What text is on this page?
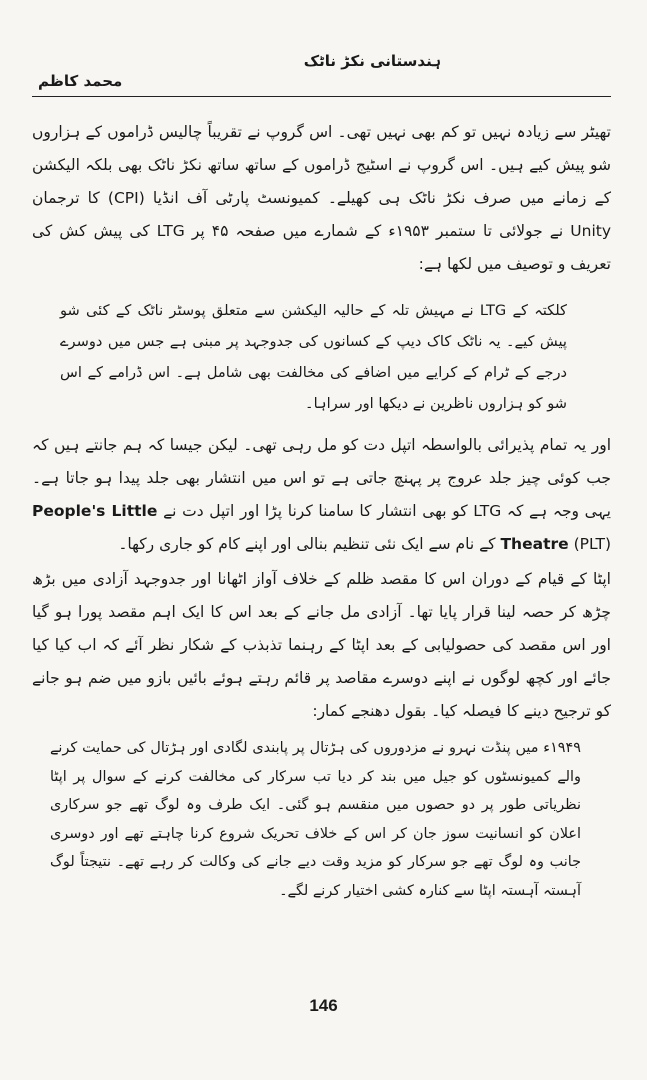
ہندستانی نکڑ ناٹک
محمد کاظم

تھیٹر سے زیادہ نہیں تو کم بھی نہیں تھی۔ اس گروپ نے تقریباً چالیس ڈراموں کے ہزاروں شو پیش کیے ہیں۔ اس گروپ نے اسٹیج ڈراموں کے ساتھ ساتھ نکڑ ناٹک بھی بلکہ الیکشن کے زمانے میں صرف نکڑ ناٹک ہی کھیلے۔ کمیونسٹ پارٹی آف انڈیا (CPI) کا ترجمان Unity نے جولائی تا ستمبر ۱۹۵۳ء کے شمارے میں صفحہ ۴۵ پر LTG کی پیش کش کی تعریف و توصیف میں لکھا ہے:

کلکتہ کے LTG نے مہیش تلہ کے حالیہ الیکشن سے متعلق پوسٹر ناٹک کے کئی شو پیش کیے۔ یہ ناٹک کاک دیپ کے کسانوں کی جدوجہد پر مبنی ہے جس میں دوسرے درجے کے ٹرام کے کرایے میں اضافے کی مخالفت بھی شامل ہے۔ اس ڈرامے کے اس شو کو ہزاروں ناظرین نے دیکھا اور سراہا۔

اور یہ تمام پذیرائی بالواسطہ اتپل دت کو مل رہی تھی۔ لیکن جیسا کہ ہم جانتے ہیں کہ جب کوئی چیز جلد عروج پر پہنچ جاتی ہے تو اس میں انتشار بھی جلد پیدا ہو جاتا ہے۔ یہی وجہ ہے کہ LTG کو بھی انتشار کا سامنا کرنا پڑا اور اتپل دت نے People's Little Theatre (PLT) کے نام سے ایک نئی تنظیم بنالی اور اپنے کام کو جاری رکھا۔

اپٹا کے قیام کے دوران اس کا مقصد ظلم کے خلاف آواز اٹھانا اور جدوجہد آزادی میں بڑھ چڑھ کر حصہ لینا قرار پایا تھا۔ آزادی مل جانے کے بعد اس کا ایک اہم مقصد پورا ہو گیا اور اس مقصد کی حصولیابی کے بعد اپٹا کے رہنما تذبذب کے شکار نظر آئے کہ اب کیا کیا جائے اور کچھ لوگوں نے اپنے دوسرے مقاصد پر قائم رہتے ہوئے بائیں بازو میں ضم ہو جانے کو ترجیح دینے کا فیصلہ کیا۔ بقول دھنجے کمار:

۱۹۴۹ء میں پنڈت نہرو نے مزدوروں کی ہڑتال پر پابندی لگادی اور ہڑتال کی حمایت کرنے والے کمیونسٹوں کو جیل میں بند کر دیا تب سرکار کی مخالفت کرنے کے سوال پر اپٹا نظریاتی طور پر دو حصوں میں منقسم ہو گئی۔ ایک طرف وہ لوگ تھے جو سرکاری اعلان کو انسانیت سوز جان کر اس کے خلاف تحریک شروع کرنا چاہتے تھے اور دوسری جانب وہ لوگ تھے جو سرکار کو مزید وقت دیے جانے کی وکالت کر رہے تھے۔ نتیجتاً لوگ آہستہ آہستہ اپٹا سے کنارہ کشی اختیار کرنے لگے۔

146
